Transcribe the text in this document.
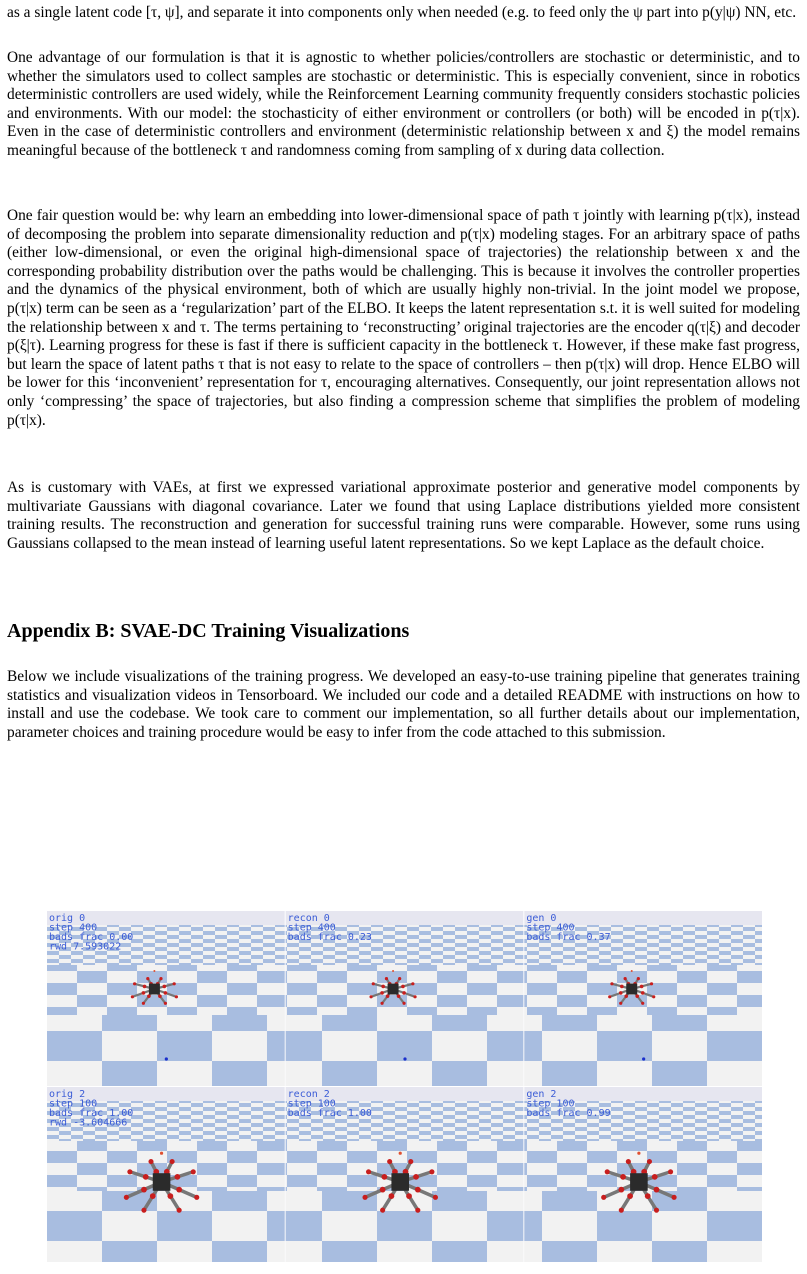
as a single latent code [τ, ψ], and separate it into components only when needed (e.g. to feed only the ψ part into p(y|ψ) NN, etc.

One advantage of our formulation is that it is agnostic to whether policies/controllers are stochastic or deterministic, and to whether the simulators used to collect samples are stochastic or deterministic. This is especially convenient, since in robotics deterministic controllers are used widely, while the Reinforcement Learning community frequently considers stochastic policies and environments. With our model: the stochasticity of either environment or controllers (or both) will be encoded in p(τ|x). Even in the case of deterministic controllers and environment (deterministic relationship between x and ξ) the model remains meaningful because of the bottleneck τ and randomness coming from sampling of x during data collection.

One fair question would be: why learn an embedding into lower-dimensional space of path τ jointly with learning p(τ|x), instead of decomposing the problem into separate dimensionality reduction and p(τ|x) modeling stages. For an arbitrary space of paths (either low-dimensional, or even the original high-dimensional space of trajectories) the relationship between x and the corresponding probability distribution over the paths would be challenging. This is because it involves the controller properties and the dynamics of the physical environment, both of which are usually highly non-trivial. In the joint model we propose, p(τ|x) term can be seen as a ‘regularization’ part of the ELBO. It keeps the latent representation s.t. it is well suited for modeling the relationship between x and τ. The terms pertaining to ‘reconstructing’ original trajectories are the encoder q(τ|ξ) and decoder p(ξ|τ). Learning progress for these is fast if there is sufficient capacity in the bottleneck τ. However, if these make fast progress, but learn the space of latent paths τ that is not easy to relate to the space of controllers – then p(τ|x) will drop. Hence ELBO will be lower for this ‘inconvenient’ representation for τ, encouraging alternatives. Consequently, our joint representation allows not only ‘compressing’ the space of trajectories, but also finding a compression scheme that simplifies the problem of modeling p(τ|x).

As is customary with VAEs, at first we expressed variational approximate posterior and generative model components by multivariate Gaussians with diagonal covariance. Later we found that using Laplace distributions yielded more consistent training results. The reconstruction and generation for successful training runs were comparable. However, some runs using Gaussians collapsed to the mean instead of learning useful latent representations. So we kept Laplace as the default choice.

Appendix B: SVAE-DC Training Visualizations

Below we include visualizations of the training progress. We developed an easy-to-use training pipeline that generates training statistics and visualization videos in Tensorboard. We included our code and a detailed README with instructions on how to install and use the codebase. We took care to comment our implementation, so all further details about our implementation, parameter choices and training procedure would be easy to infer from the code attached to this submission.

orig 0
step 400
bads frac 0.00
rwd 7.593022
recon 0
step 400
bads frac 0.23
gen 0
step 400
bads frac 0.37
orig 2
step 100
bads frac 1.00
rwd -3.604666
recon 2
step 100
bads frac 1.00
gen 2
step 100
bads frac 0.99
